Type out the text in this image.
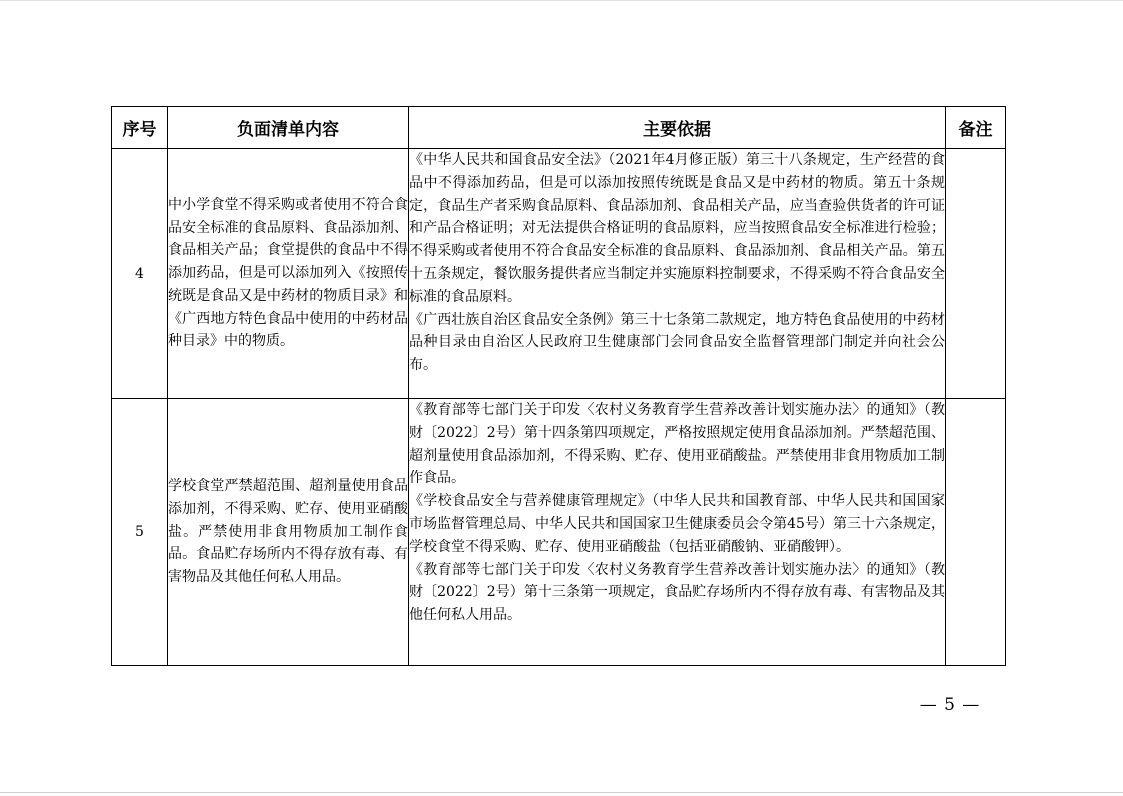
序号	负面清单内容	主要依据	备注
4	中小学食堂不得采购或者使用不符合食品安全标准的食品原料、食品添加剂、食品相关产品；食堂提供的食品中不得添加药品，但是可以添加列入《按照传统既是食品又是中药材的物质目录》和《广西地方特色食品中使用的中药材品种目录》中的物质。	《中华人民共和国食品安全法》（2021年4月修正版）第三十八条规定，生产经营的食品中不得添加药品，但是可以添加按照传统既是食品又是中药材的物质。第五十条规定，食品生产者采购食品原料、食品添加剂、食品相关产品，应当查验供货者的许可证和产品合格证明；对无法提供合格证明的食品原料，应当按照食品安全标准进行检验；不得采购或者使用不符合食品安全标准的食品原料、食品添加剂、食品相关产品。第五十五条规定，餐饮服务提供者应当制定并实施原料控制要求，不得采购不符合食品安全标准的食品原料。

《广西壮族自治区食品安全条例》第三十七条第二款规定，地方特色食品使用的中药材品种目录由自治区人民政府卫生健康部门会同食品安全监督管理部门制定并向社会公布。	

5	学校食堂严禁超范围、超剂量使用食品添加剂，不得采购、贮存、使用亚硝酸盐。严禁使用非食用物质加工制作食品。食品贮存场所内不得存放有毒、有害物品及其他任何私人用品。	《教育部等七部门关于印发〈农村义务教育学生营养改善计划实施办法〉的通知》（教财〔2022〕2号）第十四条第四项规定，严格按照规定使用食品添加剂。严禁超范围、超剂量使用食品添加剂，不得采购、贮存、使用亚硝酸盐。严禁使用非食用物质加工制作食品。

《学校食品安全与营养健康管理规定》（中华人民共和国教育部、中华人民共和国国家市场监督管理总局、中华人民共和国国家卫生健康委员会令第45号）第三十六条规定，学校食堂不得采购、贮存、使用亚硝酸盐（包括亚硝酸钠、亚硝酸钾）。

《教育部等七部门关于印发〈农村义务教育学生营养改善计划实施办法〉的通知》（教财〔2022〕2号）第十三条第一项规定，食品贮存场所内不得存放有毒、有害物品及其他任何私人用品。	

— 5 —
